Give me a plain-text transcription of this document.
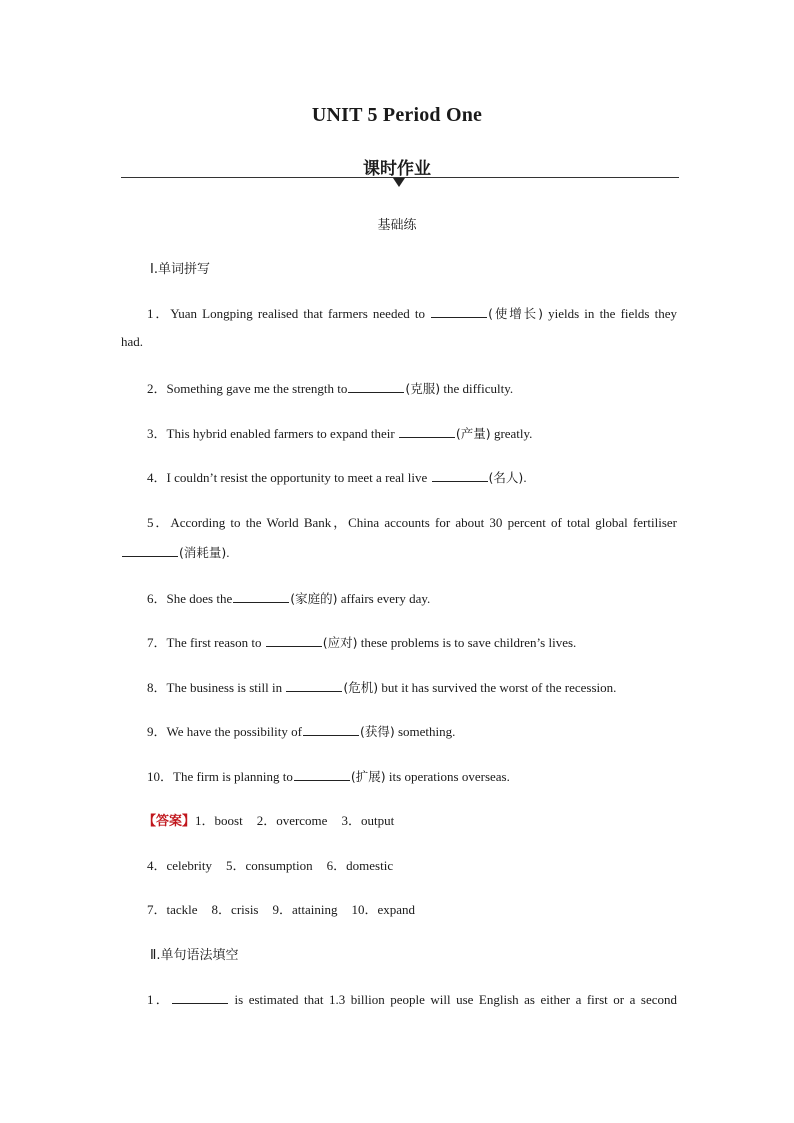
UNIT 5 Period One
课时作业
基础练
Ⅰ.单词拼写
1．Yuan Longping realised that farmers needed to	(使增长) yields in the fields they
had.
2．Something gave me the strength to	(克服) the difficulty.
3．This hybrid enabled farmers to expand their	(产量) greatly.
4．I couldn’t resist the opportunity to meet a real live	(名人).
5．According to the World Bank，China accounts for about 30 percent of total global fertiliser
(消耗量).
6．She does the	(家庭的) affairs every day.
7．The first reason to	(应对) these problems is to save children’s lives.
8．The business is still in	(危机) but it has survived the worst of the recession.
9．We have the possibility of	(获得) something.
10．The firm is planning to	(扩展) its operations overseas.
【答案】1．boost 2．overcome 3．output
4．celebrity 5．consumption 6．domestic
7．tackle 8．crisis 9．attaining 10．expand
Ⅱ.单句语法填空
1．	is estimated that 1.3 billion people will use English as either a first or a second
